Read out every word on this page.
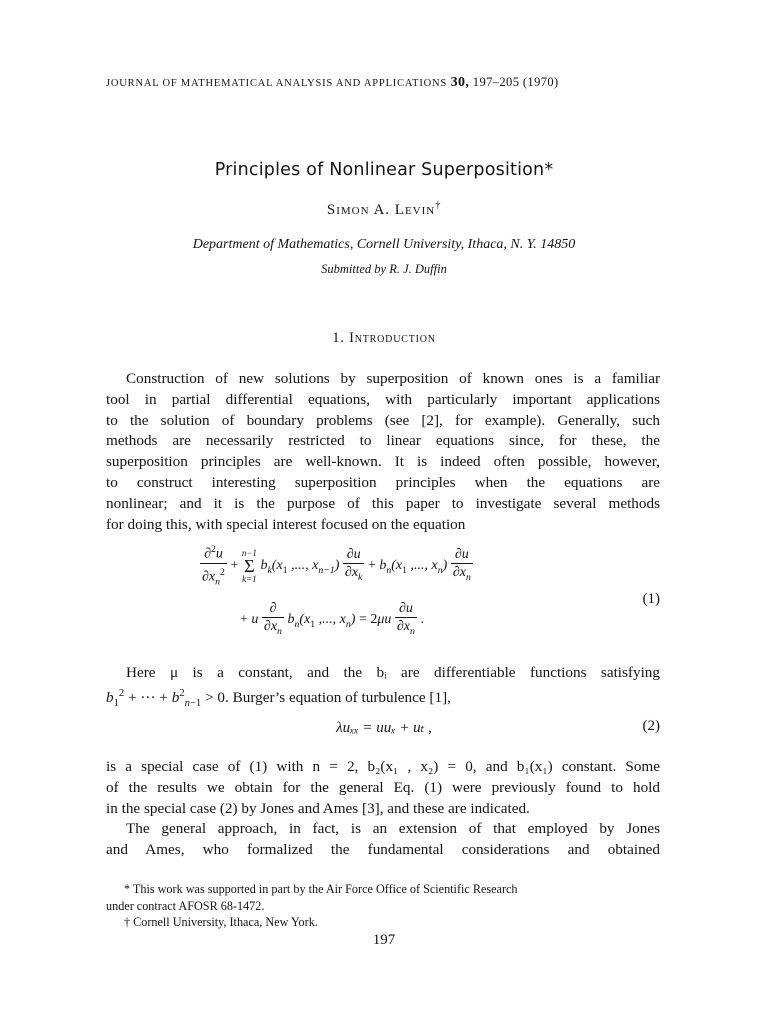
JOURNAL OF MATHEMATICAL ANALYSIS AND APPLICATIONS 30, 197–205 (1970)
Principles of Nonlinear Superposition*
Simon A. Levin†
Department of Mathematics, Cornell University, Ithaca, N. Y. 14850
Submitted by R. J. Duffin
1. Introduction
Construction of new solutions by superposition of known ones is a familiar
tool in partial differential equations, with particularly important applications
to the solution of boundary problems (see [2], for example). Generally, such
methods are necessarily restricted to linear equations since, for these, the
superposition principles are well-known. It is indeed often possible, however,
to construct interesting superposition principles when the equations are
nonlinear; and it is the purpose of this paper to investigate several methods
for doing this, with special interest focused on the equation
$\frac{\partial^2u}{\partial x_n^2}$ +
n−1
Σ
k=1
$b_k(x_1$ ,..., $x_{n-1}) \frac{\partial u}{\partial x_k} + b_n(x_1$ ,..., $x_n) \frac{\partial u}{\partial x_n}$
(1)
+ u $\frac{\partial}{\partial x_n} b_n(x_1$ ,..., $x_n) = 2\mu u \frac{\partial u}{\partial x_n}$ .
Here μ is a constant, and the bᵢ are differentiable functions satisfying
$b_1^2$ + ··· + $b^2_{n-1} > 0$. Burger’s equation of turbulence [1],
λuₓₓ = uuₓ + uₜ ,	(2)
is a special case of (1) with n = 2, b₂(x₁ , x₂) = 0, and b₁(x₁) constant. Some
of the results we obtain for the general Eq. (1) were previously found to hold
in the special case (2) by Jones and Ames [3], and these are indicated.
The general approach, in fact, is an extension of that employed by Jones
and Ames, who formalized the fundamental considerations and obtained
* This work was supported in part by the Air Force Office of Scientific Research
under contract AFOSR 68-1472.
† Cornell University, Ithaca, New York.
197
